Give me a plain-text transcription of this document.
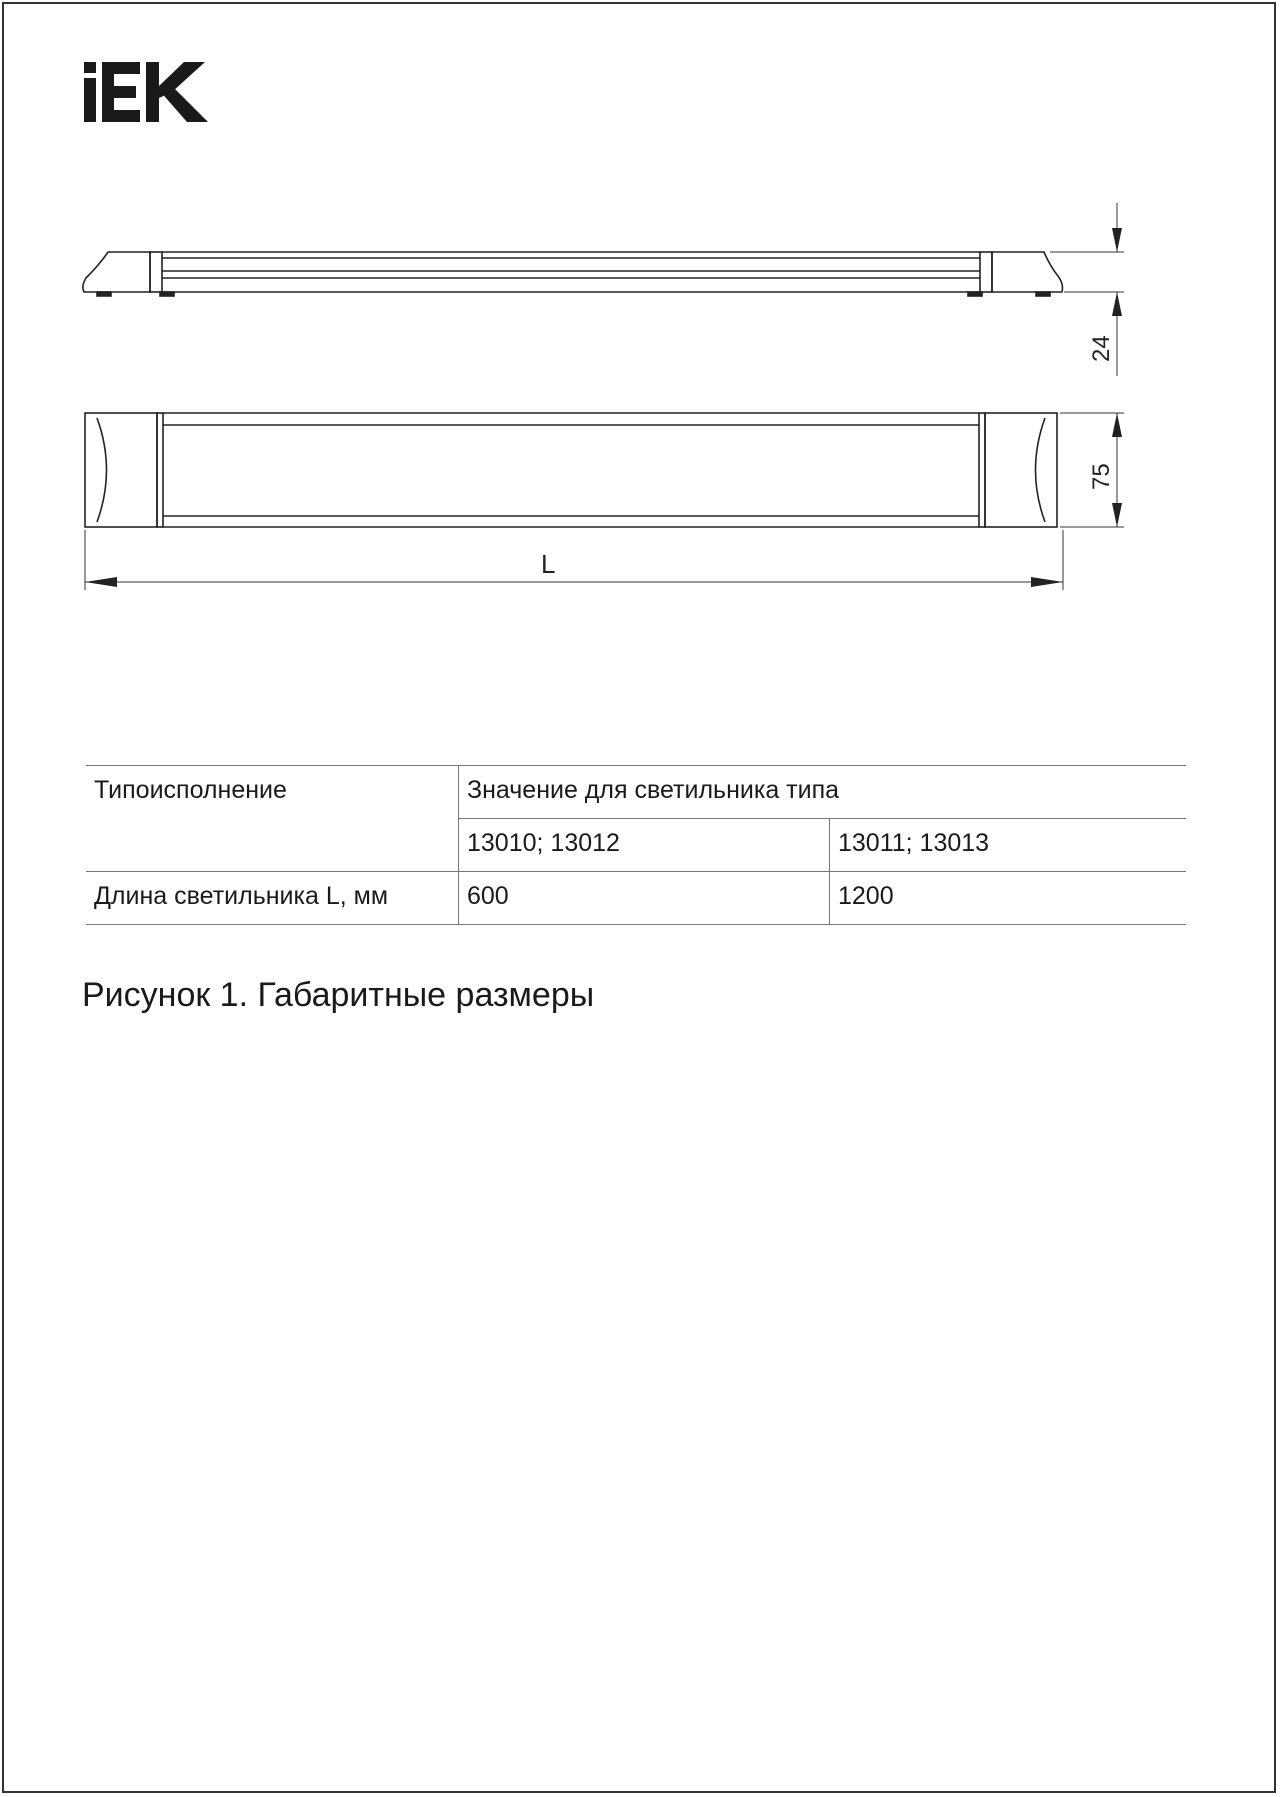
24
75
L
Типоисполнение	Значение для светильника типа	
	13010; 13012	13011; 13013
Длина светильника L, мм	600	1200
Рисунок 1. Габаритные размеры
